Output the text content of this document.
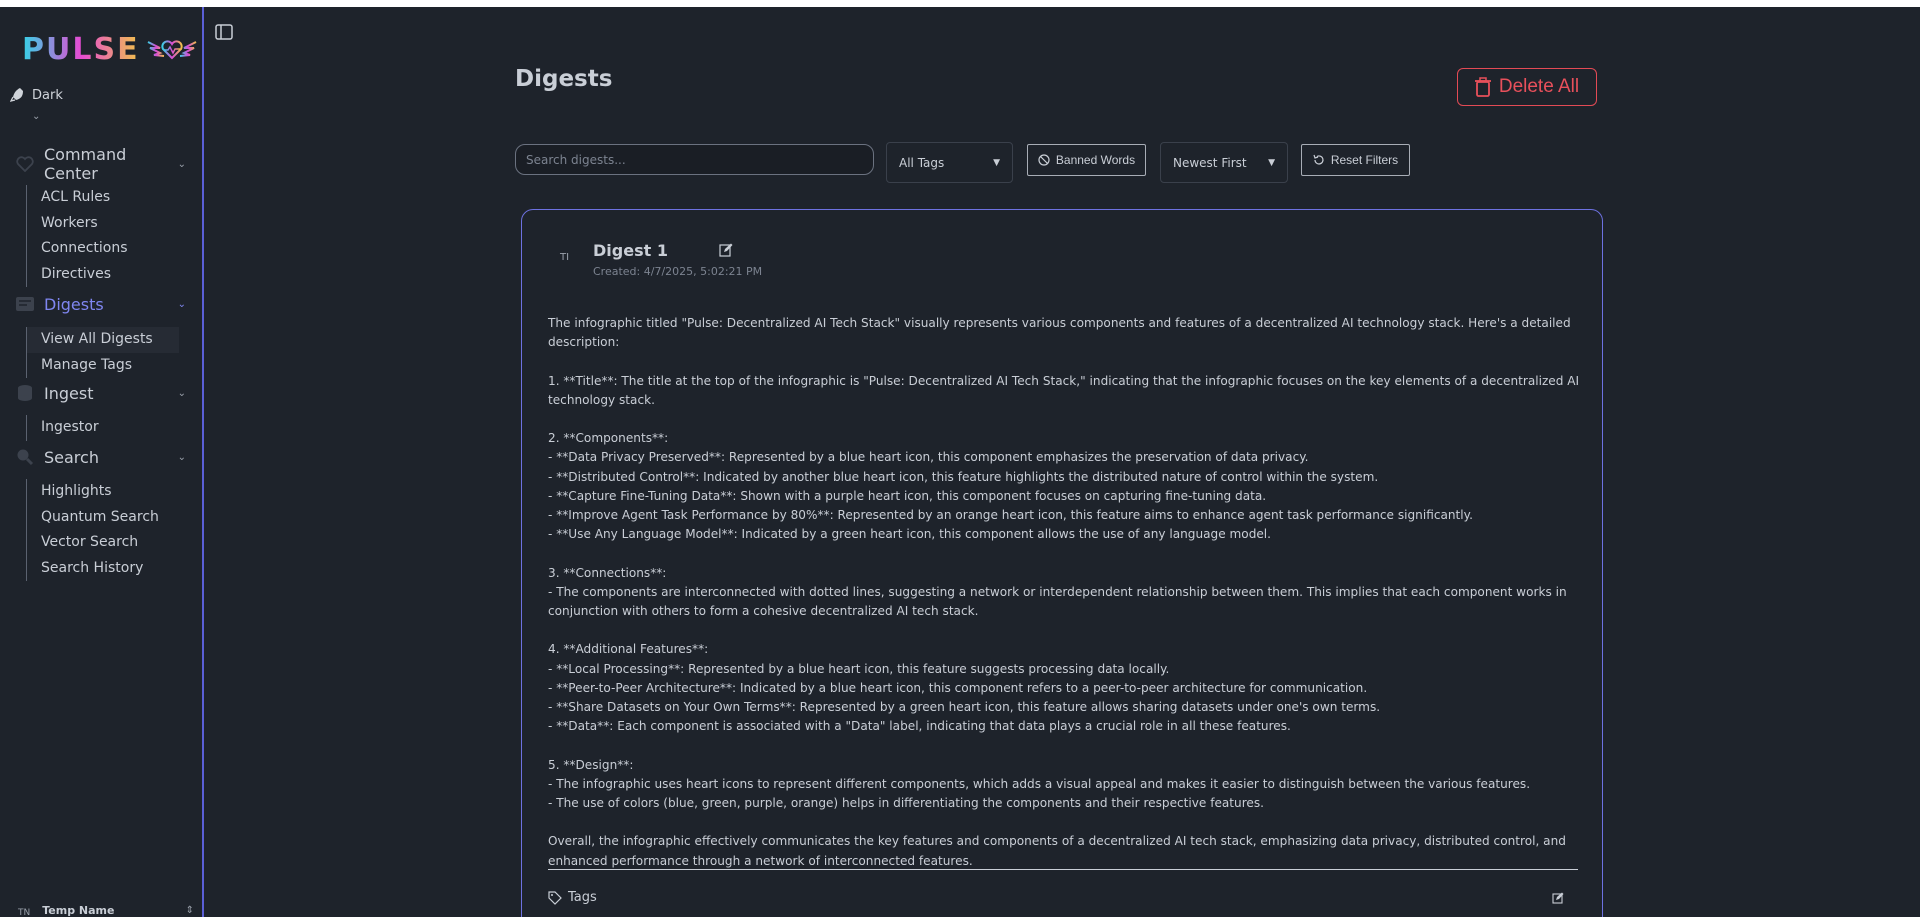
PULSE
Dark
⌄
Command Center	⌄
ACL Rules
Workers
Connections
Directives
Digests	⌄
View All Digests
Manage Tags
Ingest	⌄
Ingestor
Search	⌄
Highlights
Quantum Search
Vector Search
Search History
TN Temp Name	⇕
Digests	Delete All
Search digests...
All Tags	▼	Banned Words	Newest First ▼	Reset Filters
TI Digest 1
Created: 4/7/2025, 5:02:21 PM

The infographic titled "Pulse: Decentralized AI Tech Stack" visually represents various components and features of a decentralized AI technology stack. Here's a detailed description:

1. **Title**: The title at the top of the infographic is "Pulse: Decentralized AI Tech Stack," indicating that the infographic focuses on the key elements of a decentralized AI technology stack.

2. **Components**:

- **Data Privacy Preserved**: Represented by a blue heart icon, this component emphasizes the preservation of data privacy.

- **Distributed Control**: Indicated by another blue heart icon, this feature highlights the distributed nature of control within the system.

- **Capture Fine-Tuning Data**: Shown with a purple heart icon, this component focuses on capturing fine-tuning data.

- **Improve Agent Task Performance by 80%**: Represented by an orange heart icon, this feature aims to enhance agent task performance significantly.

- **Use Any Language Model**: Indicated by a green heart icon, this component allows the use of any language model.

3. **Connections**:

- The components are interconnected with dotted lines, suggesting a network or interdependent relationship between them. This implies that each component works in conjunction with others to form a cohesive decentralized AI tech stack.

4. **Additional Features**:

- **Local Processing**: Represented by a blue heart icon, this feature suggests processing data locally.

- **Peer-to-Peer Architecture**: Indicated by a blue heart icon, this component refers to a peer-to-peer architecture for communication.

- **Share Datasets on Your Own Terms**: Represented by a green heart icon, this feature allows sharing datasets under one's own terms.

- **Data**: Each component is associated with a "Data" label, indicating that data plays a crucial role in all these features.

5. **Design**:

- The infographic uses heart icons to represent different components, which adds a visual appeal and makes it easier to distinguish between the various features.

- The use of colors (blue, green, purple, orange) helps in differentiating the components and their respective features.

Overall, the infographic effectively communicates the key features and components of a decentralized AI tech stack, emphasizing data privacy, distributed control, and enhanced performance through a network of interconnected features.

Tags
